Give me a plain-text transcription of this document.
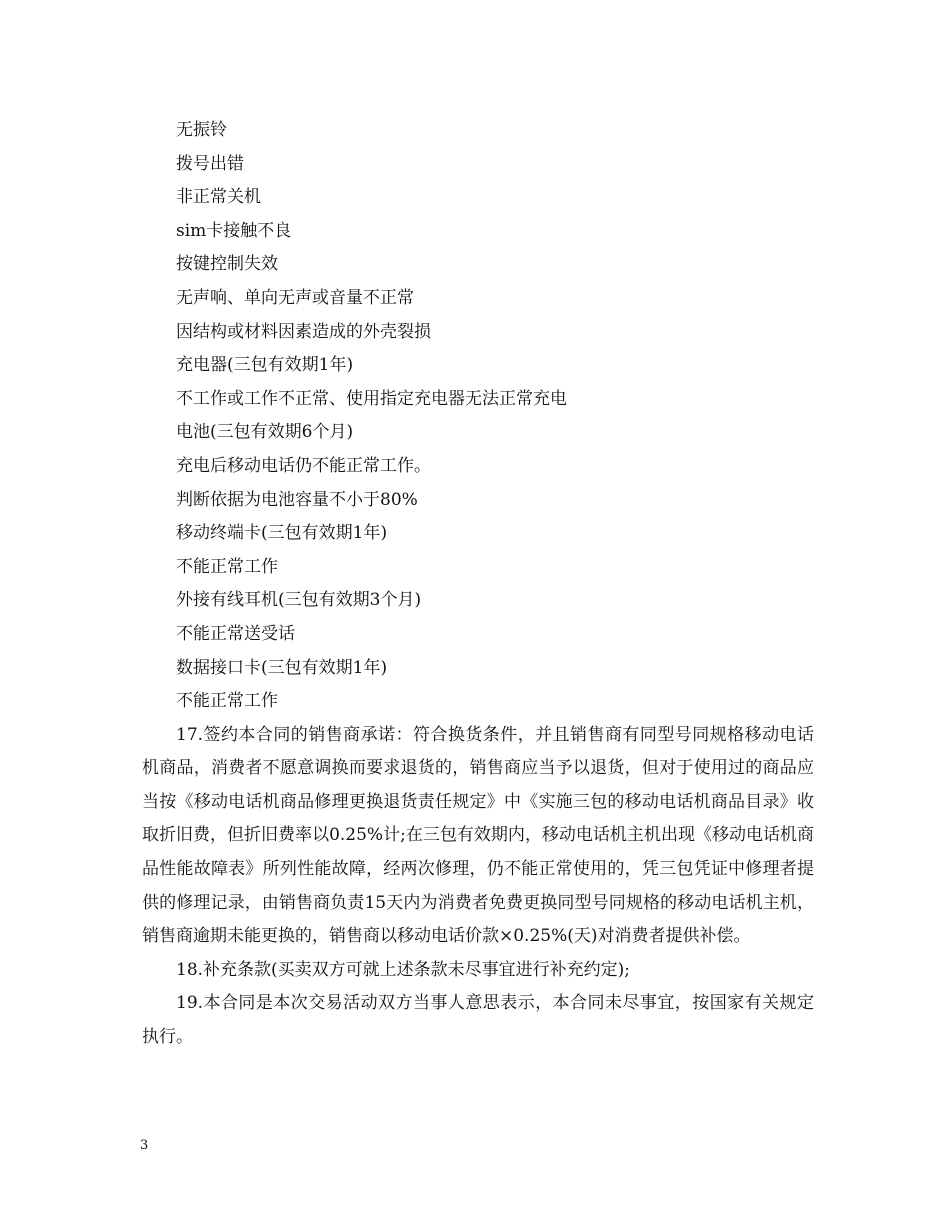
无振铃

拨号出错

非正常关机

sim卡接触不良

按键控制失效

无声响、单向无声或音量不正常

因结构或材料因素造成的外壳裂损

充电器(三包有效期1年)

不工作或工作不正常、使用指定充电器无法正常充电

电池(三包有效期6个月)

充电后移动电话仍不能正常工作。

判断依据为电池容量不小于80%

移动终端卡(三包有效期1年)

不能正常工作

外接有线耳机(三包有效期3个月)

不能正常送受话

数据接口卡(三包有效期1年)

不能正常工作

17.签约本合同的销售商承诺：符合换货条件，并且销售商有同型号同规格移动电话机商品，消费者不愿意调换而要求退货的，销售商应当予以退货，但对于使用过的商品应当按《移动电话机商品修理更换退货责任规定》中《实施三包的移动电话机商品目录》收取折旧费，但折旧费率以0.25%计;在三包有效期内，移动电话机主机出现《移动电话机商品性能故障表》所列性能故障，经两次修理，仍不能正常使用的，凭三包凭证中修理者提供的修理记录，由销售商负责15天内为消费者免费更换同型号同规格的移动电话机主机，销售商逾期未能更换的，销售商以移动电话价款×0.25%(天)对消费者提供补偿。

18.补充条款(买卖双方可就上述条款未尽事宜进行补充约定);

19.本合同是本次交易活动双方当事人意思表示，本合同未尽事宜，按国家有关规定执行。

3
